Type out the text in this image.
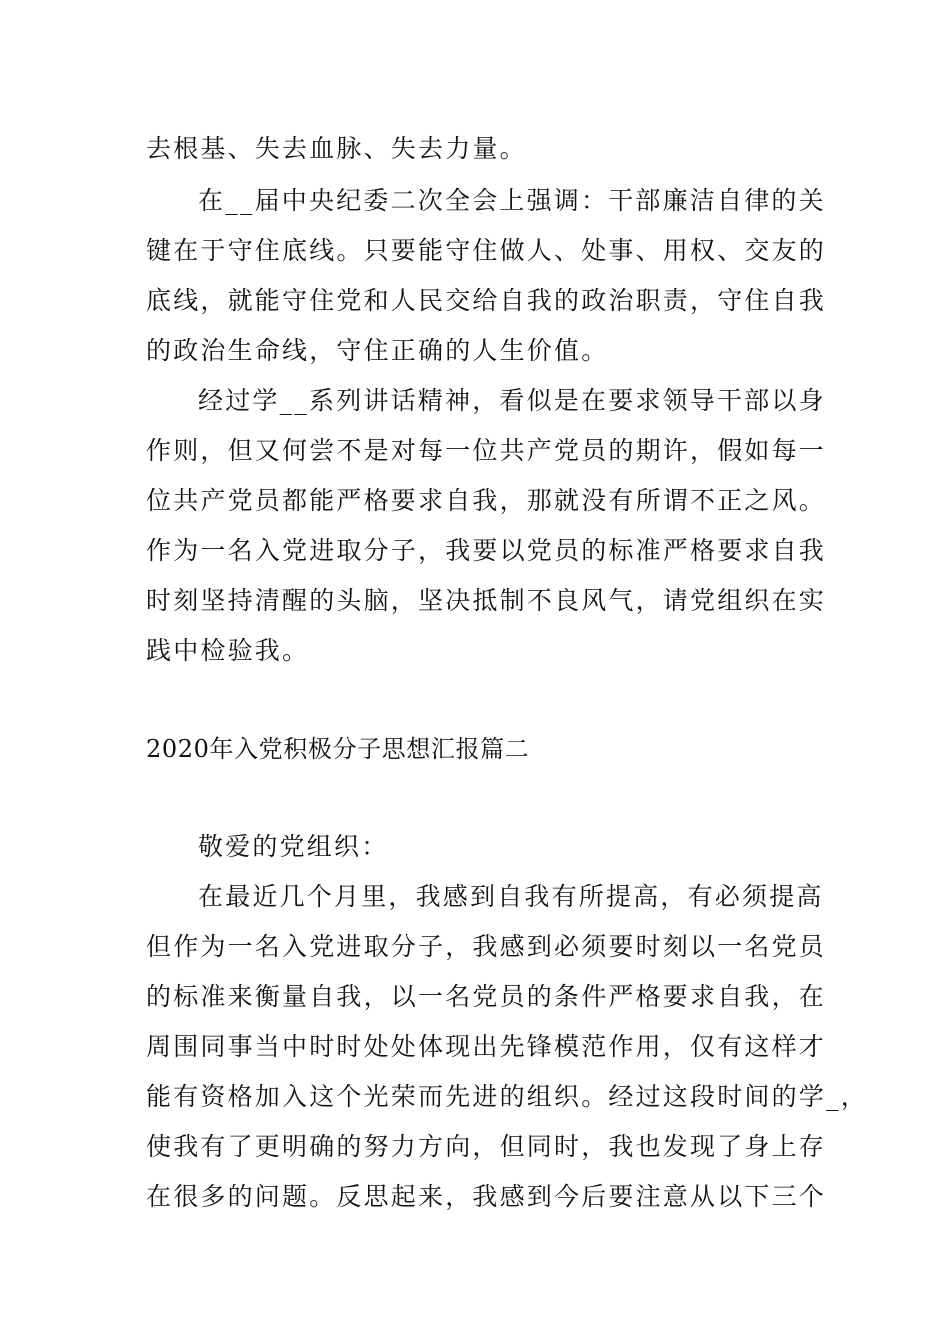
去根基、失去血脉、失去力量。
在__届中央纪委二次全会上强调：干部廉洁自律的关
键在于守住底线。只要能守住做人、处事、用权、交友的
底线，就能守住党和人民交给自我的政治职责，守住自我
的政治生命线，守住正确的人生价值。
经过学__系列讲话精神，看似是在要求领导干部以身
作则，但又何尝不是对每一位共产党员的期许，假如每一
位共产党员都能严格要求自我，那就没有所谓不正之风。
作为一名入党进取分子，我要以党员的标准严格要求自我
时刻坚持清醒的头脑，坚决抵制不良风气，请党组织在实
践中检验我。
2020年入党积极分子思想汇报篇二
敬爱的党组织：
在最近几个月里，我感到自我有所提高，有必须提高
但作为一名入党进取分子，我感到必须要时刻以一名党员
的标准来衡量自我，以一名党员的条件严格要求自我，在
周围同事当中时时处处体现出先锋模范作用，仅有这样才
能有资格加入这个光荣而先进的组织。经过这段时间的学_，
使我有了更明确的努力方向，但同时，我也发现了身上存
在很多的问题。反思起来，我感到今后要注意从以下三个
